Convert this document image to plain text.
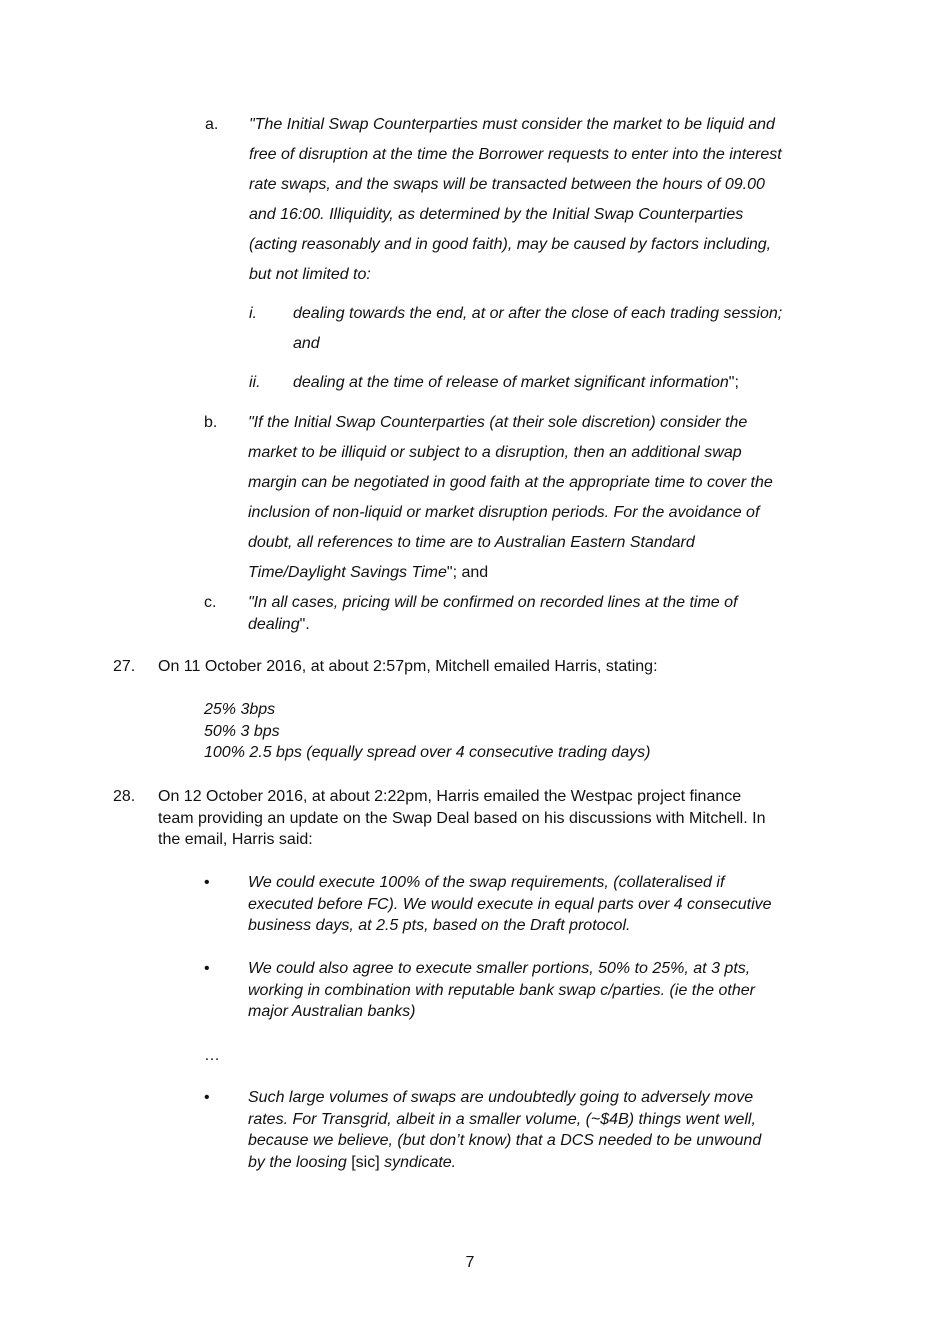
a. "The Initial Swap Counterparties must consider the market to be liquid and
free of disruption at the time the Borrower requests to enter into the interest
rate swaps, and the swaps will be transacted between the hours of 09.00
and 16:00. Illiquidity, as determined by the Initial Swap Counterparties
(acting reasonably and in good faith), may be caused by factors including,
but not limited to:
i. dealing towards the end, at or after the close of each trading session;
and
ii. dealing at the time of release of market significant information";
b. "If the Initial Swap Counterparties (at their sole discretion) consider the
market to be illiquid or subject to a disruption, then an additional swap
margin can be negotiated in good faith at the appropriate time to cover the
inclusion of non-liquid or market disruption periods. For the avoidance of
doubt, all references to time are to Australian Eastern Standard
Time/Daylight Savings Time"; and
c. "In all cases, pricing will be confirmed on recorded lines at the time of
dealing".
27. On 11 October 2016, at about 2:57pm, Mitchell emailed Harris, stating:
25% 3bps
50% 3 bps
100% 2.5 bps (equally spread over 4 consecutive trading days)
28. On 12 October 2016, at about 2:22pm, Harris emailed the Westpac project finance
team providing an update on the Swap Deal based on his discussions with Mitchell. In
the email, Harris said:
• We could execute 100% of the swap requirements, (collateralised if
executed before FC). We would execute in equal parts over 4 consecutive
business days, at 2.5 pts, based on the Draft protocol.
• We could also agree to execute smaller portions, 50% to 25%, at 3 pts,
working in combination with reputable bank swap c/parties. (ie the other
major Australian banks)
…
• Such large volumes of swaps are undoubtedly going to adversely move
rates. For Transgrid, albeit in a smaller volume, (~$4B) things went well,
because we believe, (but don’t know) that a DCS needed to be unwound
by the loosing [sic] syndicate.
7
